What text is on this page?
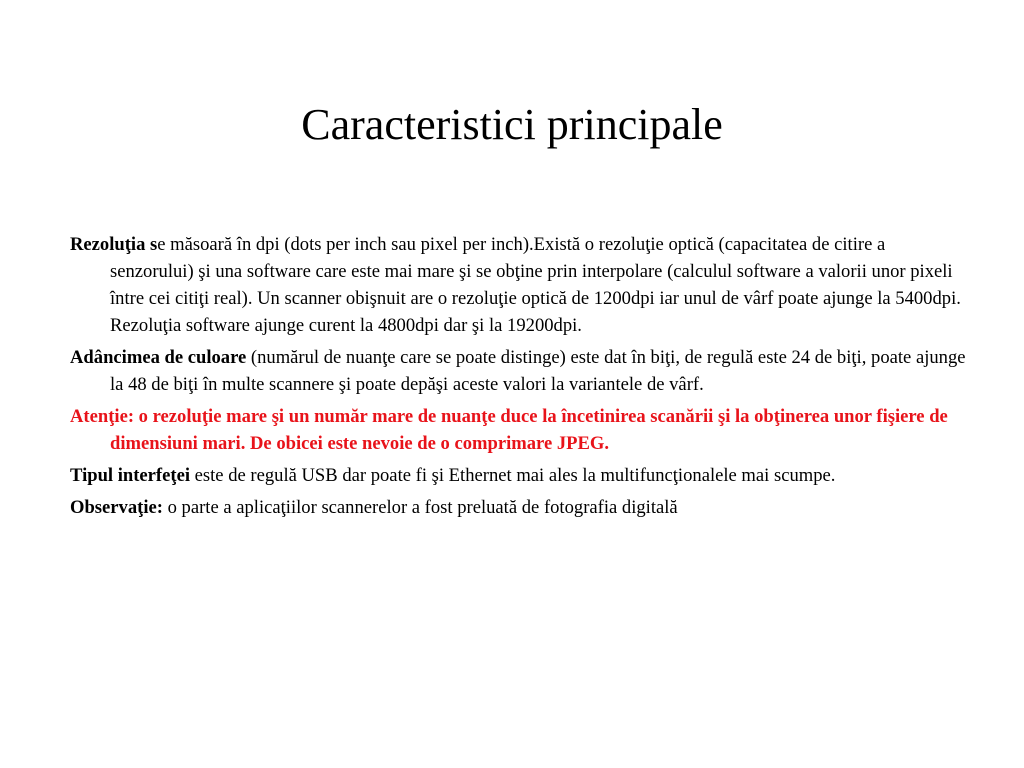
Caracteristici principale

Rezoluţia se măsoară în dpi (dots per inch sau pixel per inch).Există o rezoluţie optică (capacitatea de citire a senzorului) şi una software care este mai mare şi se obţine prin interpolare (calculul software a valorii unor pixeli între cei citiţi real). Un scanner obişnuit are o rezoluţie optică de 1200dpi iar unul de vârf poate ajunge la 5400dpi. Rezoluţia software ajunge curent la 4800dpi dar şi la 19200dpi.

Adâncimea de culoare (numărul de nuanţe care se poate distinge) este dat în biţi, de regulă este 24 de biţi, poate ajunge la 48 de biţi în multe scannere şi poate depăşi aceste valori la variantele de vârf.

Atenţie: o rezoluţie mare şi un număr mare de nuanţe duce la încetinirea scanării şi la obţinerea unor fişiere de dimensiuni mari. De obicei este nevoie de o comprimare JPEG.

Tipul interfeţei este de regulă USB dar poate fi şi Ethernet mai ales la multifuncţionalele mai scumpe.

Observaţie: o parte a aplicaţiilor scannerelor a fost preluată de fotografia digitală
